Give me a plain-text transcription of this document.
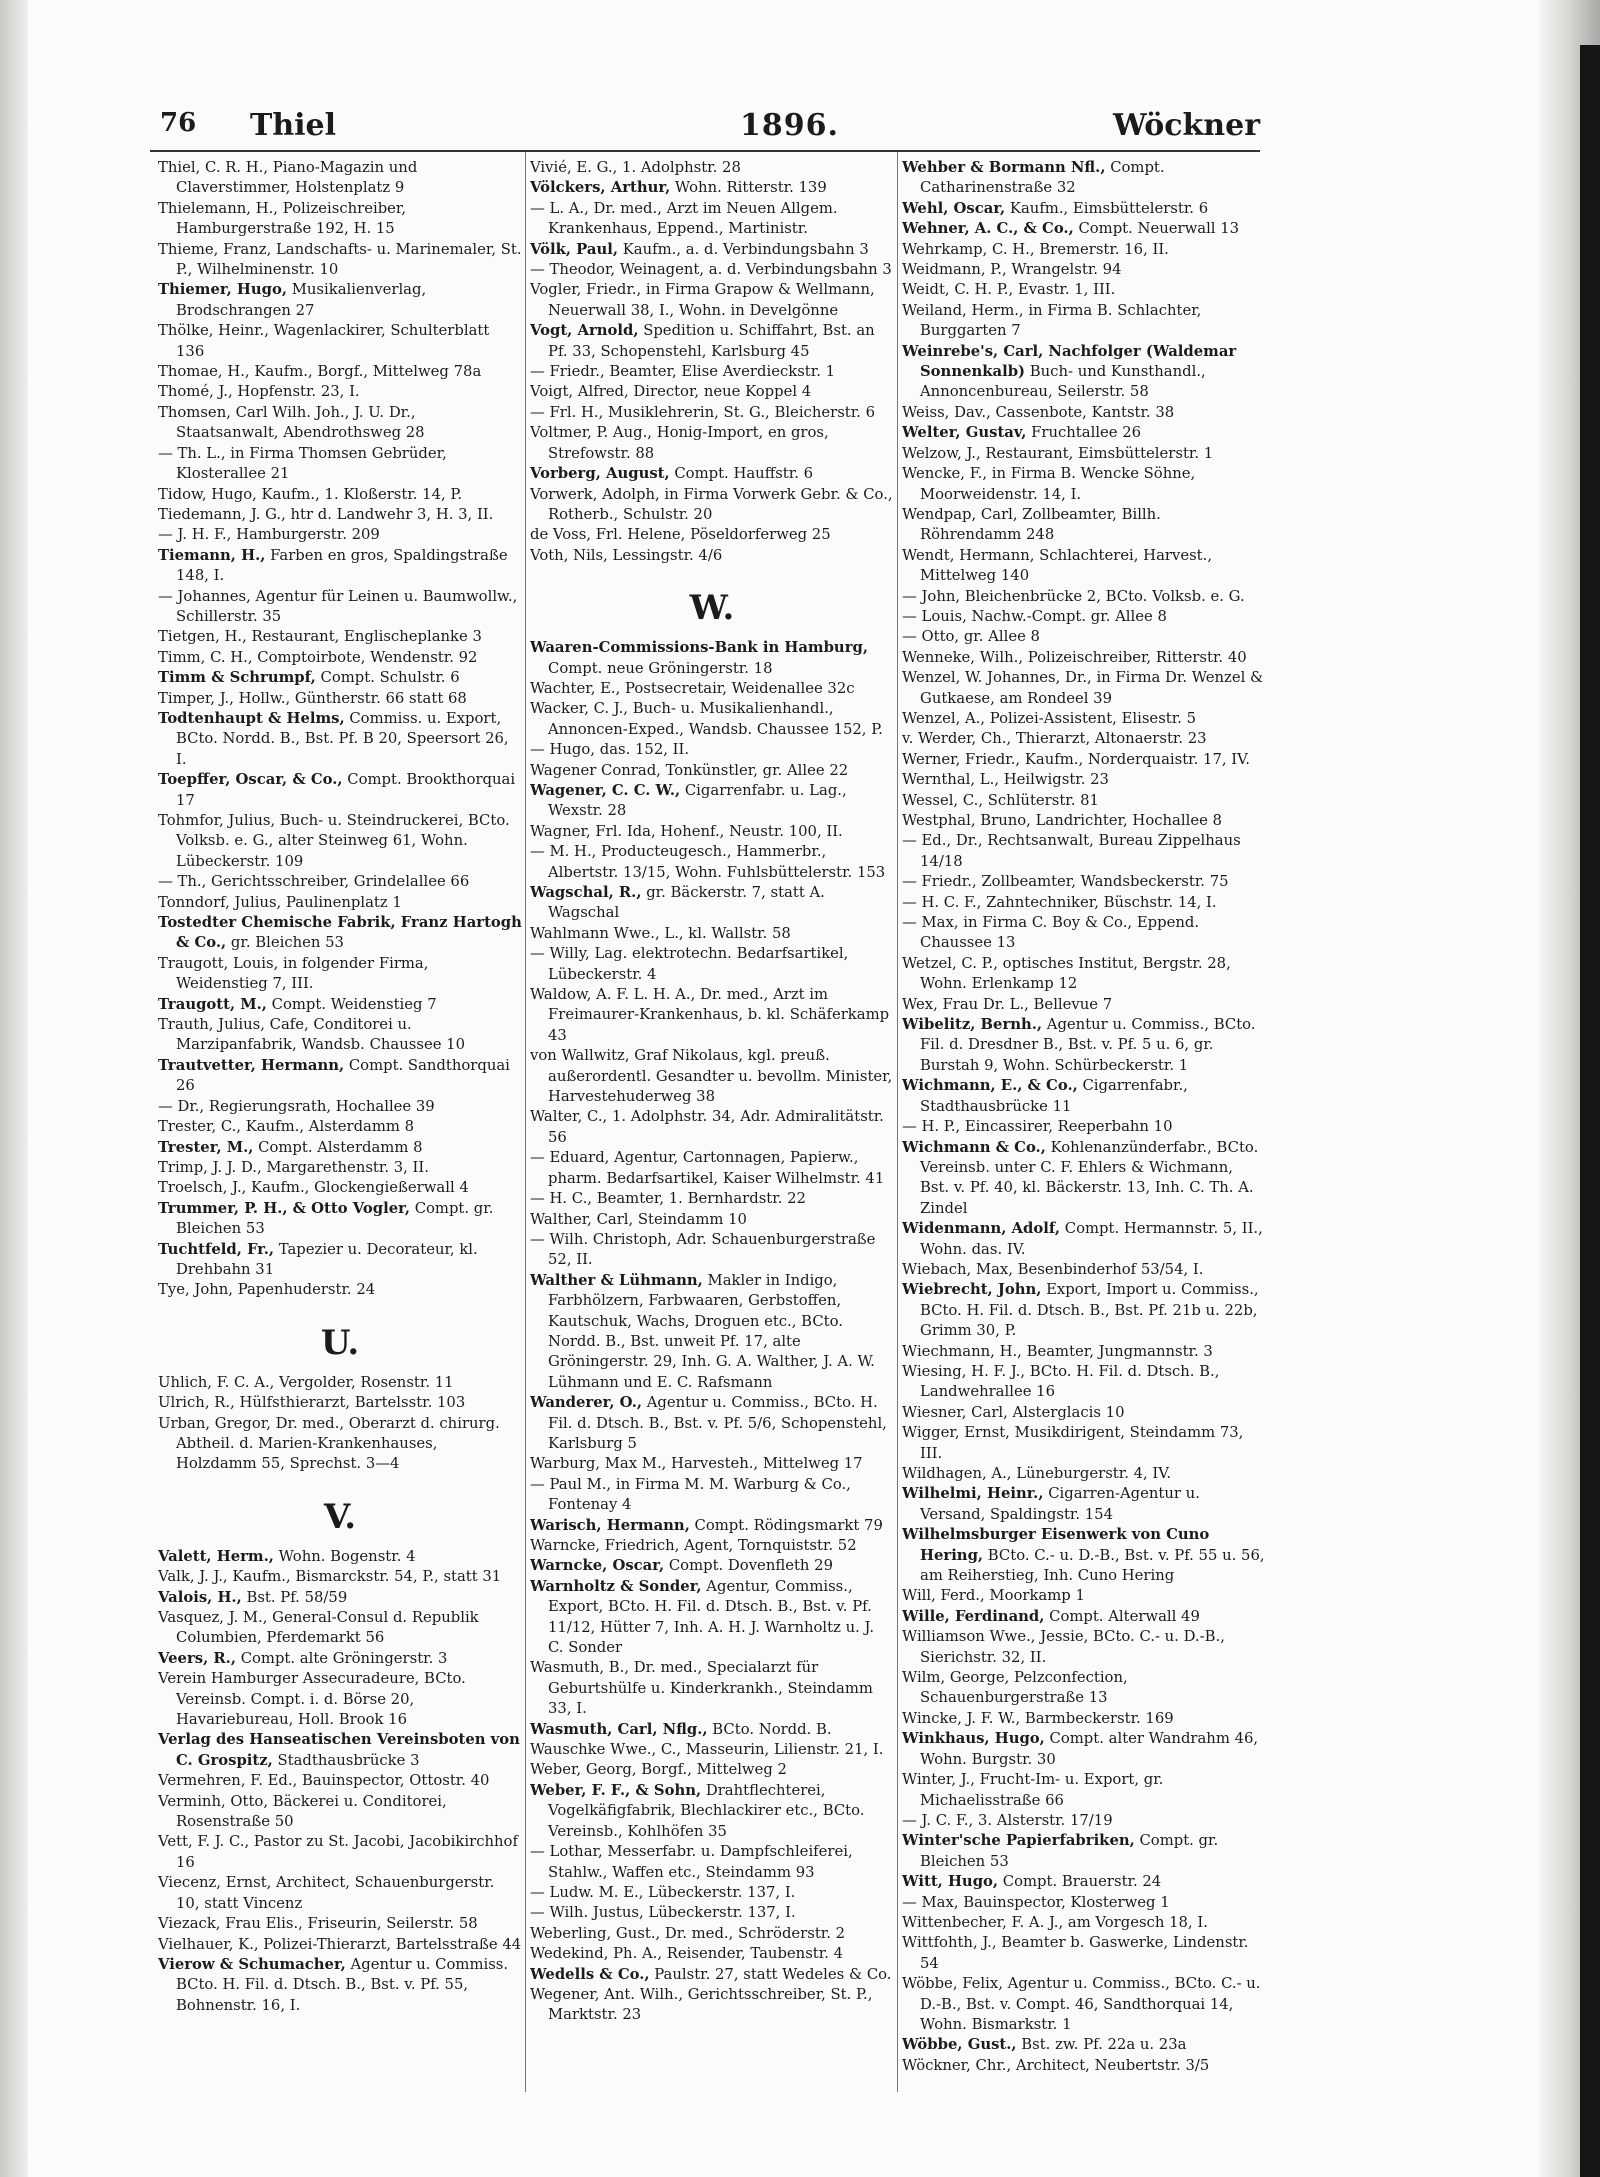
76 Thiel	1896.	Wöckner

Thiel, C. R. H., Piano-Magazin und Claverstimmer, Holstenplatz 9

Thielemann, H., Polizeischreiber, Hamburgerstraße 192, H. 15

Thieme, Franz, Landschafts- u. Marinemaler, St. P., Wilhelminenstr. 10

Thiemer, Hugo, Musikalienverlag, Brodschrangen 27

Thölke, Heinr., Wagenlackirer, Schulterblatt 136

Thomae, H., Kaufm., Borgf., Mittelweg 78a

Thomé, J., Hopfenstr. 23, I.

Thomsen, Carl Wilh. Joh., J. U. Dr., Staatsanwalt, Abendrothsweg 28

— Th. L., in Firma Thomsen Gebrüder, Klosterallee 21

Tidow, Hugo, Kaufm., 1. Kloßerstr. 14, P.

Tiedemann, J. G., htr d. Landwehr 3, H. 3, II.

— J. H. F., Hamburgerstr. 209

Tiemann, H., Farben en gros, Spaldingstraße 148, I.

— Johannes, Agentur für Leinen u. Baumwollw., Schillerstr. 35

Tietgen, H., Restaurant, Englischeplanke 3

Timm, C. H., Comptoirbote, Wendenstr. 92

Timm & Schrumpf, Compt. Schulstr. 6

Timper, J., Hollw., Güntherstr. 66 statt 68

Todtenhaupt & Helms, Commiss. u. Export, BCto. Nordd. B., Bst. Pf. B 20, Speersort 26, I.

Toepffer, Oscar, & Co., Compt. Brookthorquai 17

Tohmfor, Julius, Buch- u. Steindruckerei, BCto. Volksb. e. G., alter Steinweg 61, Wohn. Lübeckerstr. 109

— Th., Gerichtsschreiber, Grindelallee 66

Tonndorf, Julius, Paulinenplatz 1

Tostedter Chemische Fabrik, Franz Hartogh & Co., gr. Bleichen 53

Traugott, Louis, in folgender Firma, Weidenstieg 7, III.

Traugott, M., Compt. Weidenstieg 7

Trauth, Julius, Cafe, Conditorei u. Marzipanfabrik, Wandsb. Chaussee 10

Trautvetter, Hermann, Compt. Sandthorquai 26

— Dr., Regierungsrath, Hochallee 39

Trester, C., Kaufm., Alsterdamm 8

Trester, M., Compt. Alsterdamm 8

Trimp, J. J. D., Margarethenstr. 3, II.

Troelsch, J., Kaufm., Glockengießerwall 4

Trummer, P. H., & Otto Vogler, Compt. gr. Bleichen 53

Tuchtfeld, Fr., Tapezier u. Decorateur, kl. Drehbahn 31

Tye, John, Papenhuderstr. 24

U.

Uhlich, F. C. A., Vergolder, Rosenstr. 11

Ulrich, R., Hülfsthierarzt, Bartelsstr. 103

Urban, Gregor, Dr. med., Oberarzt d. chirurg. Abtheil. d. Marien-Krankenhauses, Holzdamm 55, Sprechst. 3—4

V.

Valett, Herm., Wohn. Bogenstr. 4

Valk, J. J., Kaufm., Bismarckstr. 54, P., statt 31

Valois, H., Bst. Pf. 58/59

Vasquez, J. M., General-Consul d. Republik Columbien, Pferdemarkt 56

Veers, R., Compt. alte Gröningerstr. 3

Verein Hamburger Assecuradeure, BCto. Vereinsb. Compt. i. d. Börse 20, Havariebureau, Holl. Brook 16

Verlag des Hanseatischen Vereinsboten von C. Grospitz, Stadthausbrücke 3

Vermehren, F. Ed., Bauinspector, Ottostr. 40

Verminh, Otto, Bäckerei u. Conditorei, Rosenstraße 50

Vett, F. J. C., Pastor zu St. Jacobi, Jacobikirchhof 16

Viecenz, Ernst, Architect, Schauenburgerstr. 10, statt Vincenz

Viezack, Frau Elis., Friseurin, Seilerstr. 58

Vielhauer, K., Polizei-Thierarzt, Bartelsstraße 44

Vierow & Schumacher, Agentur u. Commiss. BCto. H. Fil. d. Dtsch. B., Bst. v. Pf. 55, Bohnenstr. 16, I.

Vivié, E. G., 1. Adolphstr. 28

Völckers, Arthur, Wohn. Ritterstr. 139

— L. A., Dr. med., Arzt im Neuen Allgem. Krankenhaus, Eppend., Martinistr.

Völk, Paul, Kaufm., a. d. Verbindungsbahn 3

— Theodor, Weinagent, a. d. Verbindungsbahn 3

Vogler, Friedr., in Firma Grapow & Wellmann, Neuerwall 38, I., Wohn. in Develgönne

Vogt, Arnold, Spedition u. Schiffahrt, Bst. an Pf. 33, Schopenstehl, Karlsburg 45

— Friedr., Beamter, Elise Averdieckstr. 1

Voigt, Alfred, Director, neue Koppel 4

— Frl. H., Musiklehrerin, St. G., Bleicherstr. 6

Voltmer, P. Aug., Honig-Import, en gros, Strefowstr. 88

Vorberg, August, Compt. Hauffstr. 6

Vorwerk, Adolph, in Firma Vorwerk Gebr. & Co., Rotherb., Schulstr. 20

de Voss, Frl. Helene, Pöseldorferweg 25

Voth, Nils, Lessingstr. 4/6

W.

Waaren-Commissions-Bank in Hamburg, Compt. neue Gröningerstr. 18

Wachter, E., Postsecretair, Weidenallee 32c

Wacker, C. J., Buch- u. Musikalienhandl., Annoncen-Exped., Wandsb. Chaussee 152, P.

— Hugo, das. 152, II.

Wagener Conrad, Tonkünstler, gr. Allee 22

Wagener, C. C. W., Cigarrenfabr. u. Lag., Wexstr. 28

Wagner, Frl. Ida, Hohenf., Neustr. 100, II.

— M. H., Producteugesch., Hammerbr., Albertstr. 13/15, Wohn. Fuhlsbüttelerstr. 153

Wagschal, R., gr. Bäckerstr. 7, statt A. Wagschal

Wahlmann Wwe., L., kl. Wallstr. 58

— Willy, Lag. elektrotechn. Bedarfsartikel, Lübeckerstr. 4

Waldow, A. F. L. H. A., Dr. med., Arzt im Freimaurer-Krankenhaus, b. kl. Schäferkamp 43

von Wallwitz, Graf Nikolaus, kgl. preuß. außerordentl. Gesandter u. bevollm. Minister, Harvestehuderweg 38

Walter, C., 1. Adolphstr. 34, Adr. Admiralitätstr. 56

— Eduard, Agentur, Cartonnagen, Papierw., pharm. Bedarfsartikel, Kaiser Wilhelmstr. 41

— H. C., Beamter, 1. Bernhardstr. 22

Walther, Carl, Steindamm 10

— Wilh. Christoph, Adr. Schauenburgerstraße 52, II.

Walther & Lühmann, Makler in Indigo, Farbhölzern, Farbwaaren, Gerbstoffen, Kautschuk, Wachs, Droguen etc., BCto. Nordd. B., Bst. unweit Pf. 17, alte Gröningerstr. 29, Inh. G. A. Walther, J. A. W. Lühmann und E. C. Rafsmann

Wanderer, O., Agentur u. Commiss., BCto. H. Fil. d. Dtsch. B., Bst. v. Pf. 5/6, Schopenstehl, Karlsburg 5

Warburg, Max M., Harvesteh., Mittelweg 17

— Paul M., in Firma M. M. Warburg & Co., Fontenay 4

Warisch, Hermann, Compt. Rödingsmarkt 79

Warncke, Friedrich, Agent, Tornquiststr. 52

Warncke, Oscar, Compt. Dovenfleth 29

Warnholtz & Sonder, Agentur, Commiss., Export, BCto. H. Fil. d. Dtsch. B., Bst. v. Pf. 11/12, Hütter 7, Inh. A. H. J. Warnholtz u. J. C. Sonder

Wasmuth, B., Dr. med., Specialarzt für Geburtshülfe u. Kinderkrankh., Steindamm 33, I.

Wasmuth, Carl, Nflg., BCto. Nordd. B.

Wauschke Wwe., C., Masseurin, Lilienstr. 21, I.

Weber, Georg, Borgf., Mittelweg 2

Weber, F. F., & Sohn, Drahtflechterei, Vogelkäfigfabrik, Blechlackirer etc., BCto. Vereinsb., Kohlhöfen 35

— Lothar, Messerfabr. u. Dampfschleiferei, Stahlw., Waffen etc., Steindamm 93

— Ludw. M. E., Lübeckerstr. 137, I.

— Wilh. Justus, Lübeckerstr. 137, I.

Weberling, Gust., Dr. med., Schröderstr. 2

Wedekind, Ph. A., Reisender, Taubenstr. 4

Wedells & Co., Paulstr. 27, statt Wedeles & Co.

Wegener, Ant. Wilh., Gerichtsschreiber, St. P., Marktstr. 23

Wehber & Bormann Nfl., Compt. Catharinenstraße 32

Wehl, Oscar, Kaufm., Eimsbüttelerstr. 6

Wehner, A. C., & Co., Compt. Neuerwall 13

Wehrkamp, C. H., Bremerstr. 16, II.

Weidmann, P., Wrangelstr. 94

Weidt, C. H. P., Evastr. 1, III.

Weiland, Herm., in Firma B. Schlachter, Burggarten 7

Weinrebe's, Carl, Nachfolger (Waldemar Sonnenkalb) Buch- und Kunsthandl., Annoncenbureau, Seilerstr. 58

Weiss, Dav., Cassenbote, Kantstr. 38

Welter, Gustav, Fruchtallee 26

Welzow, J., Restaurant, Eimsbüttelerstr. 1

Wencke, F., in Firma B. Wencke Söhne, Moorweidenstr. 14, I.

Wendpap, Carl, Zollbeamter, Billh. Röhrendamm 248

Wendt, Hermann, Schlachterei, Harvest., Mittelweg 140

— John, Bleichenbrücke 2, BCto. Volksb. e. G.

— Louis, Nachw.-Compt. gr. Allee 8

— Otto, gr. Allee 8

Wenneke, Wilh., Polizeischreiber, Ritterstr. 40

Wenzel, W. Johannes, Dr., in Firma Dr. Wenzel & Gutkaese, am Rondeel 39

Wenzel, A., Polizei-Assistent, Elisestr. 5

v. Werder, Ch., Thierarzt, Altonaerstr. 23

Werner, Friedr., Kaufm., Norderquaistr. 17, IV.

Wernthal, L., Heilwigstr. 23

Wessel, C., Schlüterstr. 81

Westphal, Bruno, Landrichter, Hochallee 8

— Ed., Dr., Rechtsanwalt, Bureau Zippelhaus 14/18

— Friedr., Zollbeamter, Wandsbeckerstr. 75

— H. C. F., Zahntechniker, Büschstr. 14, I.

— Max, in Firma C. Boy & Co., Eppend. Chaussee 13

Wetzel, C. P., optisches Institut, Bergstr. 28, Wohn. Erlenkamp 12

Wex, Frau Dr. L., Bellevue 7

Wibelitz, Bernh., Agentur u. Commiss., BCto. Fil. d. Dresdner B., Bst. v. Pf. 5 u. 6, gr. Burstah 9, Wohn. Schürbeckerstr. 1

Wichmann, E., & Co., Cigarrenfabr., Stadthausbrücke 11

— H. P., Eincassirer, Reeperbahn 10

Wichmann & Co., Kohlenanzünderfabr., BCto. Vereinsb. unter C. F. Ehlers & Wichmann, Bst. v. Pf. 40, kl. Bäckerstr. 13, Inh. C. Th. A. Zindel

Widenmann, Adolf, Compt. Hermannstr. 5, II., Wohn. das. IV.

Wiebach, Max, Besenbinderhof 53/54, I.

Wiebrecht, John, Export, Import u. Commiss., BCto. H. Fil. d. Dtsch. B., Bst. Pf. 21b u. 22b, Grimm 30, P.

Wiechmann, H., Beamter, Jungmannstr. 3

Wiesing, H. F. J., BCto. H. Fil. d. Dtsch. B., Landwehrallee 16

Wiesner, Carl, Alsterglacis 10

Wigger, Ernst, Musikdirigent, Steindamm 73, III.

Wildhagen, A., Lüneburgerstr. 4, IV.

Wilhelmi, Heinr., Cigarren-Agentur u. Versand, Spaldingstr. 154

Wilhelmsburger Eisenwerk von Cuno Hering, BCto. C.- u. D.-B., Bst. v. Pf. 55 u. 56, am Reiherstieg, Inh. Cuno Hering

Will, Ferd., Moorkamp 1

Wille, Ferdinand, Compt. Alterwall 49

Williamson Wwe., Jessie, BCto. C.- u. D.-B., Sierichstr. 32, II.

Wilm, George, Pelzconfection, Schauenburgerstraße 13

Wincke, J. F. W., Barmbeckerstr. 169

Winkhaus, Hugo, Compt. alter Wandrahm 46, Wohn. Burgstr. 30

Winter, J., Frucht-Im- u. Export, gr. Michaelisstraße 66

— J. C. F., 3. Alsterstr. 17/19

Winter'sche Papierfabriken, Compt. gr. Bleichen 53

Witt, Hugo, Compt. Brauerstr. 24

— Max, Bauinspector, Klosterweg 1

Wittenbecher, F. A. J., am Vorgesch 18, I.

Wittfohth, J., Beamter b. Gaswerke, Lindenstr. 54

Wöbbe, Felix, Agentur u. Commiss., BCto. C.- u. D.-B., Bst. v. Compt. 46, Sandthorquai 14, Wohn. Bismarkstr. 1

Wöbbe, Gust., Bst. zw. Pf. 22a u. 23a

Wöckner, Chr., Architect, Neubertstr. 3/5
